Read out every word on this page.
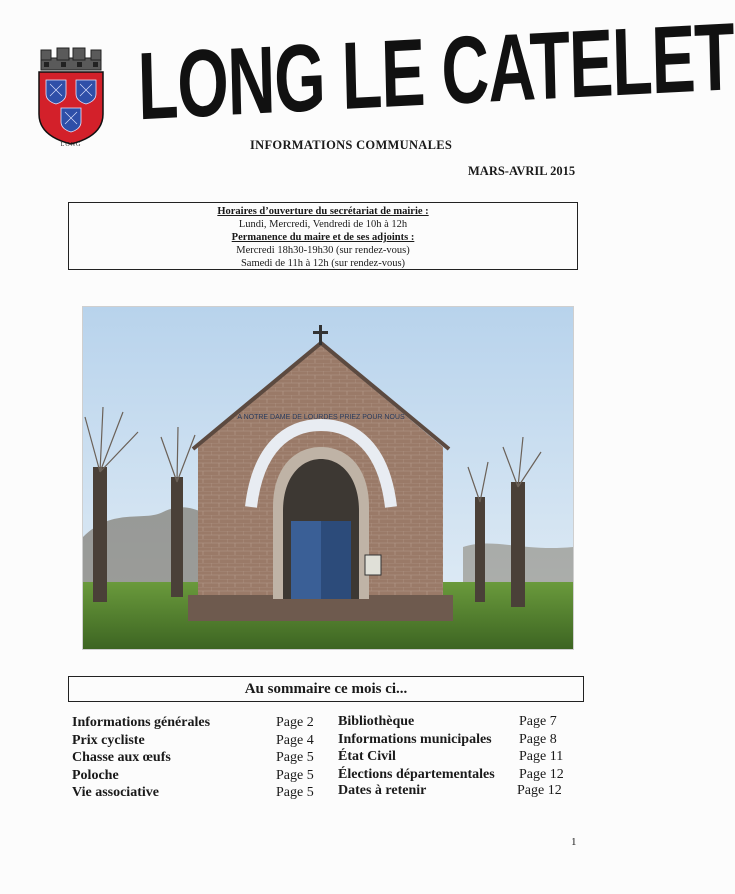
LONG
LONG LE CATELET
INFORMATIONS COMMUNALES
MARS-AVRIL 2015
Horaires d’ouverture du secrétariat de mairie :
Lundi, Mercredi, Vendredi de 10h à 12h
Permanence du maire et de ses adjoints :
Mercredi 18h30-19h30 (sur rendez-vous)
Samedi de 11h à 12h (sur rendez-vous)
A NOTRE DAME DE LOURDES PRIEZ POUR NOUS
Au sommaire ce mois ci...
Informations générales	Page 2
Prix cycliste	Page 4
Chasse aux œufs	Page 5
Poloche	Page 5
Vie associative	Page 5
Bibliothèque	Page 7
Informations municipales Page 8
État Civil	Page 11
Élections départementales Page 12
Dates à retenir	Page 12
1
